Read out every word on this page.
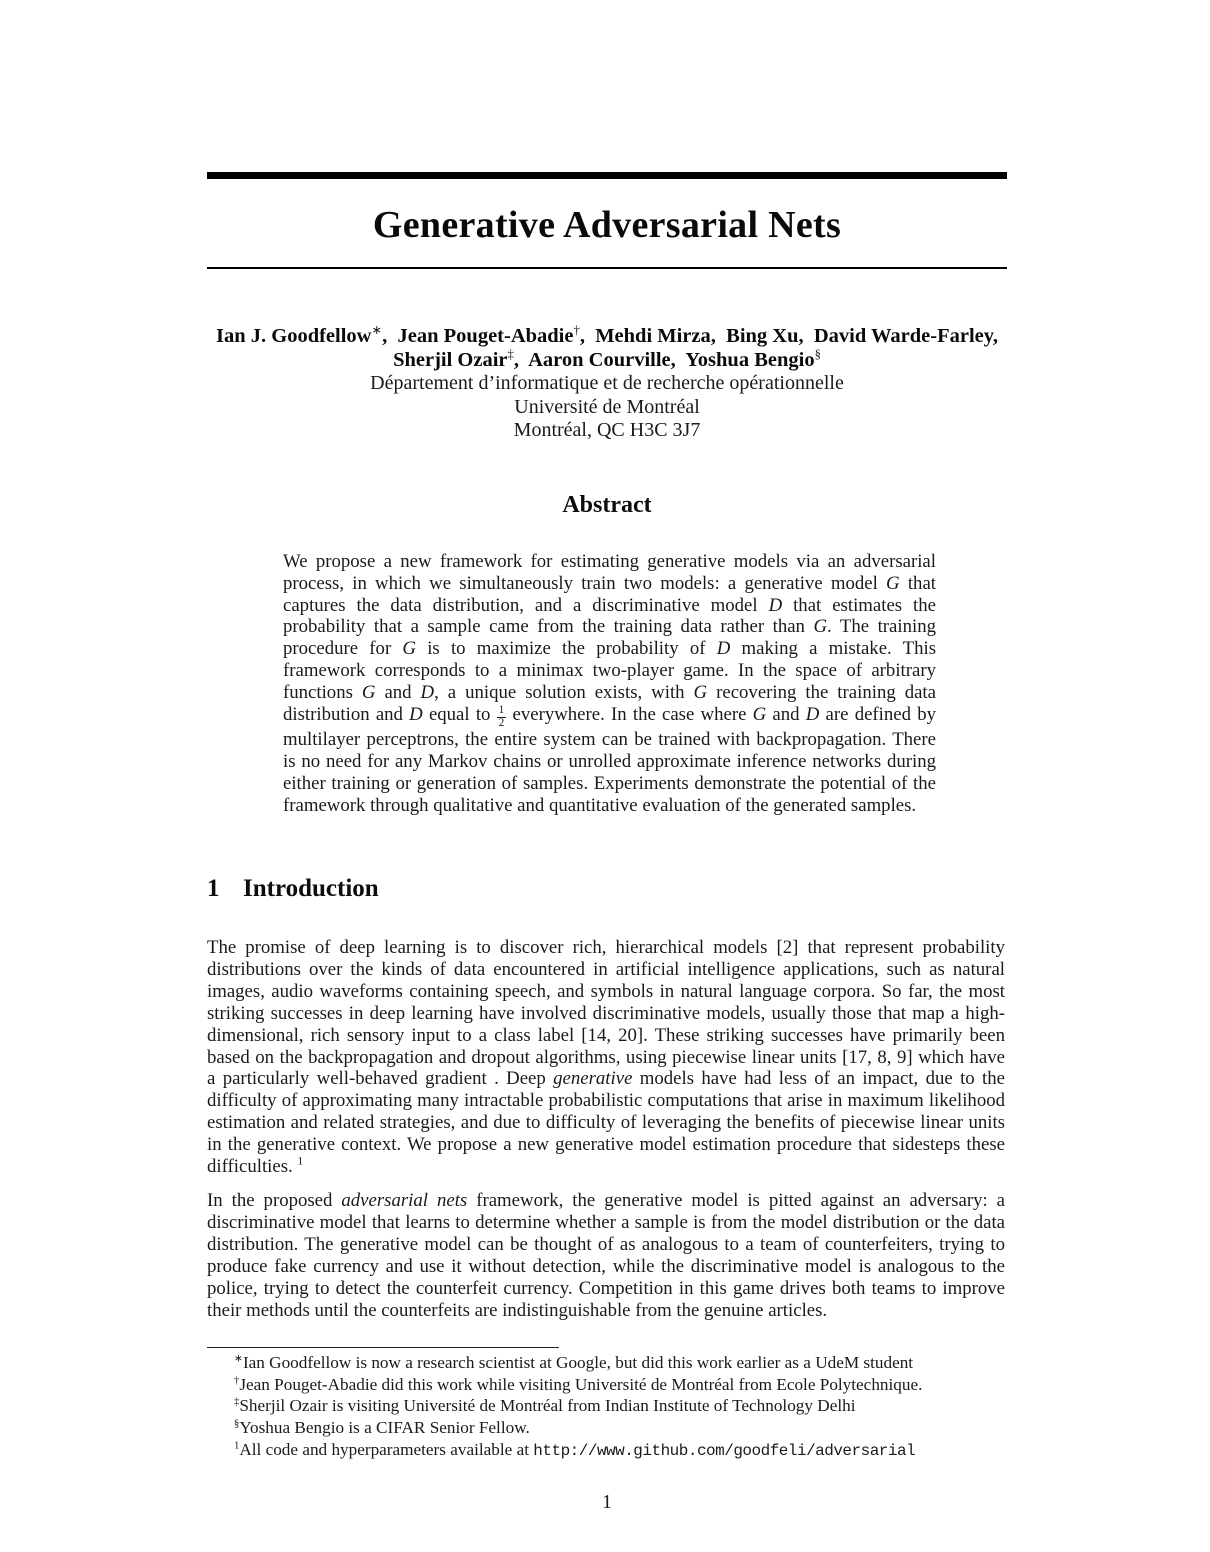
Generative Adversarial Nets
Ian J. Goodfellow∗,  Jean Pouget-Abadie†,  Mehdi Mirza,  Bing Xu,  David Warde-Farley,
Sherjil Ozair‡,  Aaron Courville,  Yoshua Bengio§
Département d’informatique et de recherche opérationnelle
Université de Montréal
Montréal, QC H3C 3J7
Abstract
We propose a new framework for estimating generative models via an adversarial process, in which we simultaneously train two models: a generative model G that captures the data distribution, and a discriminative model D that estimates the probability that a sample came from the training data rather than G. The training procedure for G is to maximize the probability of D making a mistake. This framework corresponds to a minimax two-player game. In the space of arbitrary functions G and D, a unique solution exists, with G recovering the training data distribution and D equal to $\frac{1}{2}$ everywhere. In the case where G and D are defined by multilayer perceptrons, the entire system can be trained with backpropagation. There is no need for any Markov chains or unrolled approximate inference networks during either training or generation of samples. Experiments demonstrate the potential of the framework through qualitative and quantitative evaluation of the generated samples.
1 Introduction
The promise of deep learning is to discover rich, hierarchical models [2] that represent probability distributions over the kinds of data encountered in artificial intelligence applications, such as natural images, audio waveforms containing speech, and symbols in natural language corpora. So far, the most striking successes in deep learning have involved discriminative models, usually those that map a high-dimensional, rich sensory input to a class label [14, 20]. These striking successes have primarily been based on the backpropagation and dropout algorithms, using piecewise linear units [17, 8, 9] which have a particularly well-behaved gradient . Deep generative models have had less of an impact, due to the difficulty of approximating many intractable probabilistic computations that arise in maximum likelihood estimation and related strategies, and due to difficulty of leveraging the benefits of piecewise linear units in the generative context. We propose a new generative model estimation procedure that sidesteps these difficulties. $^1$
In the proposed adversarial nets framework, the generative model is pitted against an adversary: a discriminative model that learns to determine whether a sample is from the model distribution or the data distribution. The generative model can be thought of as analogous to a team of counterfeiters, trying to produce fake currency and use it without detection, while the discriminative model is analogous to the police, trying to detect the counterfeit currency. Competition in this game drives both teams to improve their methods until the counterfeits are indistinguishable from the genuine articles.
∗Ian Goodfellow is now a research scientist at Google, but did this work earlier as a UdeM student
†Jean Pouget-Abadie did this work while visiting Université de Montréal from Ecole Polytechnique.
‡Sherjil Ozair is visiting Université de Montréal from Indian Institute of Technology Delhi
§Yoshua Bengio is a CIFAR Senior Fellow.
$^1$All code and hyperparameters available at http://www.github.com/goodfeli/adversarial
1
